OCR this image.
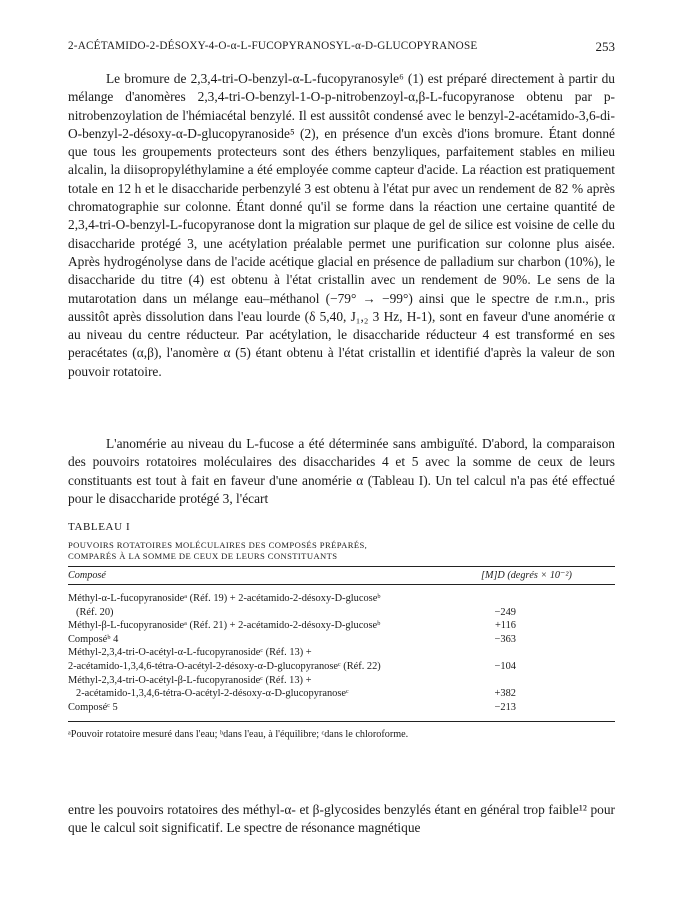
2-ACÉTAMIDO-2-DÉSOXY-4-O-α-L-FUCOPYRANOSYL-α-D-GLUCOPYRANOSE	253

Le bromure de 2,3,4-tri-O-benzyl-α-L-fucopyranosyle⁶ (1) est préparé directement à partir du mélange d'anomères 2,3,4-tri-O-benzyl-1-O-p-nitrobenzoyl-α,β-L-fucopyranose obtenu par p-nitrobenzoylation de l'hémiacétal benzylé. Il est aussitôt condensé avec le benzyl-2-acétamido-3,6-di-O-benzyl-2-désoxy-α-D-glucopyranoside⁵ (2), en présence d'un excès d'ions bromure. Étant donné que tous les groupements protecteurs sont des éthers benzyliques, parfaitement stables en milieu alcalin, la diisopropyléthylamine a été employée comme capteur d'acide. La réaction est pratiquement totale en 12 h et le disaccharide perbenzylé 3 est obtenu à l'état pur avec un rendement de 82 % après chromatographie sur colonne. Étant donné qu'il se forme dans la réaction une certaine quantité de 2,3,4-tri-O-benzyl-L-fucopyranose dont la migration sur plaque de gel de silice est voisine de celle du disaccharide protégé 3, une acétylation préalable permet une purification sur colonne plus aisée. Après hydrogénolyse dans de l'acide acétique glacial en présence de palladium sur charbon (10%), le disaccharide du titre (4) est obtenu à l'état cristallin avec un rendement de 90%. Le sens de la mutarotation dans un mélange eau–méthanol (−79° → −99°) ainsi que le spectre de r.m.n., pris aussitôt après dissolution dans l'eau lourde (δ 5,40, J₁,₂ 3 Hz, H-1), sont en faveur d'une anomérie α au niveau du centre réducteur. Par acétylation, le disaccharide réducteur 4 est transformé en ses peracétates (α,β), l'anomère α (5) étant obtenu à l'état cristallin et identifié d'après la valeur de son pouvoir rotatoire.

L'anomérie au niveau du L-fucose a été déterminée sans ambiguïté. D'abord, la comparaison des pouvoirs rotatoires moléculaires des disaccharides 4 et 5 avec la somme de ceux de leurs constituants est tout à fait en faveur d'une anomérie α (Tableau I). Un tel calcul n'a pas été effectué pour le disaccharide protégé 3, l'écart

TABLEAU I
POUVOIRS ROTATOIRES MOLÉCULAIRES DES COMPOSÉS PRÉPARÉS,
COMPARÉS À LA SOMME DE CEUX DE LEURS CONSTITUANTS
Composé	[M]D (degrés × 10⁻²)
Méthyl-α-L-fucopyranosideᵃ (Réf. 19) + 2-acétamido-2-désoxy-D-glucoseᵇ
(Réf. 20)	−249
Méthyl-β-L-fucopyranosideᵃ (Réf. 21) + 2-acétamido-2-désoxy-D-glucoseᵇ	+116
Composéᵇ 4	−363
Méthyl-2,3,4-tri-O-acétyl-α-L-fucopyranosideᶜ (Réf. 13) +
2-acétamido-1,3,4,6-tétra-O-acétyl-2-désoxy-α-D-glucopyranoseᶜ (Réf. 22)	−104
Méthyl-2,3,4-tri-O-acétyl-β-L-fucopyranosideᶜ (Réf. 13) +
2-acétamido-1,3,4,6-tétra-O-acétyl-2-désoxy-α-D-glucopyranoseᶜ	+382
Composéᶜ 5	−213
ᵃPouvoir rotatoire mesuré dans l'eau; ᵇdans l'eau, à l'équilibre; ᶜdans le chloroforme.

entre les pouvoirs rotatoires des méthyl-α- et β-glycosides benzylés étant en général trop faible¹² pour que le calcul soit significatif. Le spectre de résonance magnétique
